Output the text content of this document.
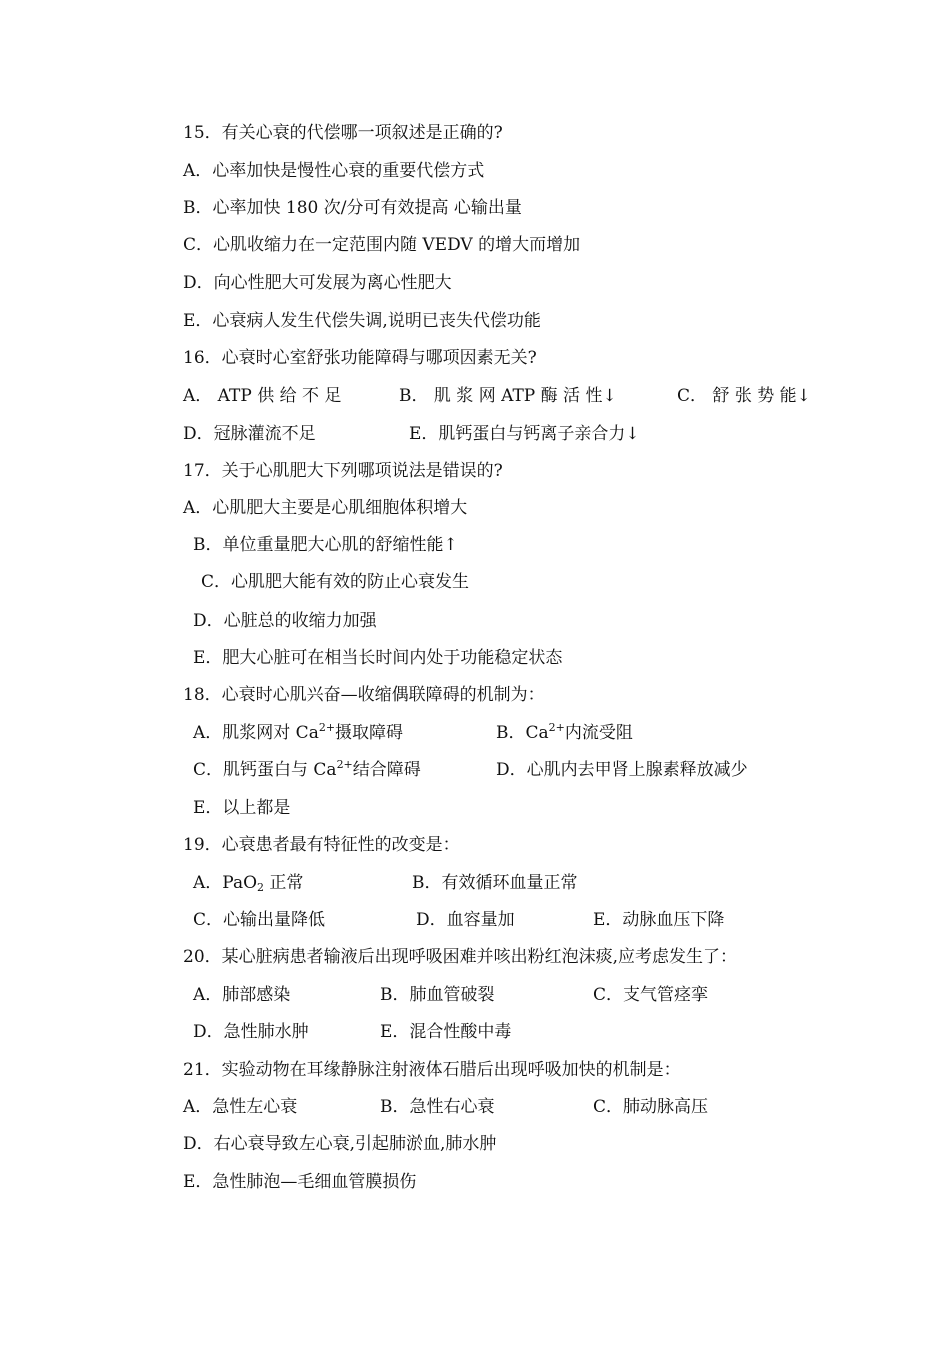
15．有关心衰的代偿哪一项叙述是正确的?
A．心率加快是慢性心衰的重要代偿方式
B．心率加快 180 次/分可有效提高 心输出量
C．心肌收缩力在一定范围内随 VEDV 的增大而增加
D．向心性肥大可发展为离心性肥大
E．心衰病人发生代偿失调,说明已丧失代偿功能
16．心衰时心室舒张功能障碍与哪项因素无关?
A． ATP 供 给 不 足	B． 肌 浆 网 ATP 酶 活 性↓	C． 舒 张 势 能↓
D．冠脉灌流不足	E．肌钙蛋白与钙离子亲合力↓
17．关于心肌肥大下列哪项说法是错误的?
A．心肌肥大主要是心肌细胞体积增大
B．单位重量肥大心肌的舒缩性能↑
C．心肌肥大能有效的防止心衰发生
D．心脏总的收缩力加强
E．肥大心脏可在相当长时间内处于功能稳定状态
18．心衰时心肌兴奋—收缩偶联障碍的机制为：
A．肌浆网对 $Ca^{2+}$摄取障碍	B．$Ca^{2+}$内流受阻
C．肌钙蛋白与 $Ca^{2+}$结合障碍	D．心肌内去甲肾上腺素释放减少
E．以上都是
19．心衰患者最有特征性的改变是：
A．PaO$_2$ 正常	B．有效循环血量正常
C．心输出量降低	D．血容量加	E．动脉血压下降
20．某心脏病患者输液后出现呼吸困难并咳出粉红泡沫痰,应考虑发生了：
A．肺部感染	B．肺血管破裂	C．支气管痉挛
D．急性肺水肿	E．混合性酸中毒
21．实验动物在耳缘静脉注射液体石腊后出现呼吸加快的机制是：
A．急性左心衰	B．急性右心衰	C．肺动脉高压
D．右心衰导致左心衰,引起肺淤血,肺水肿
E．急性肺泡—毛细血管膜损伤
